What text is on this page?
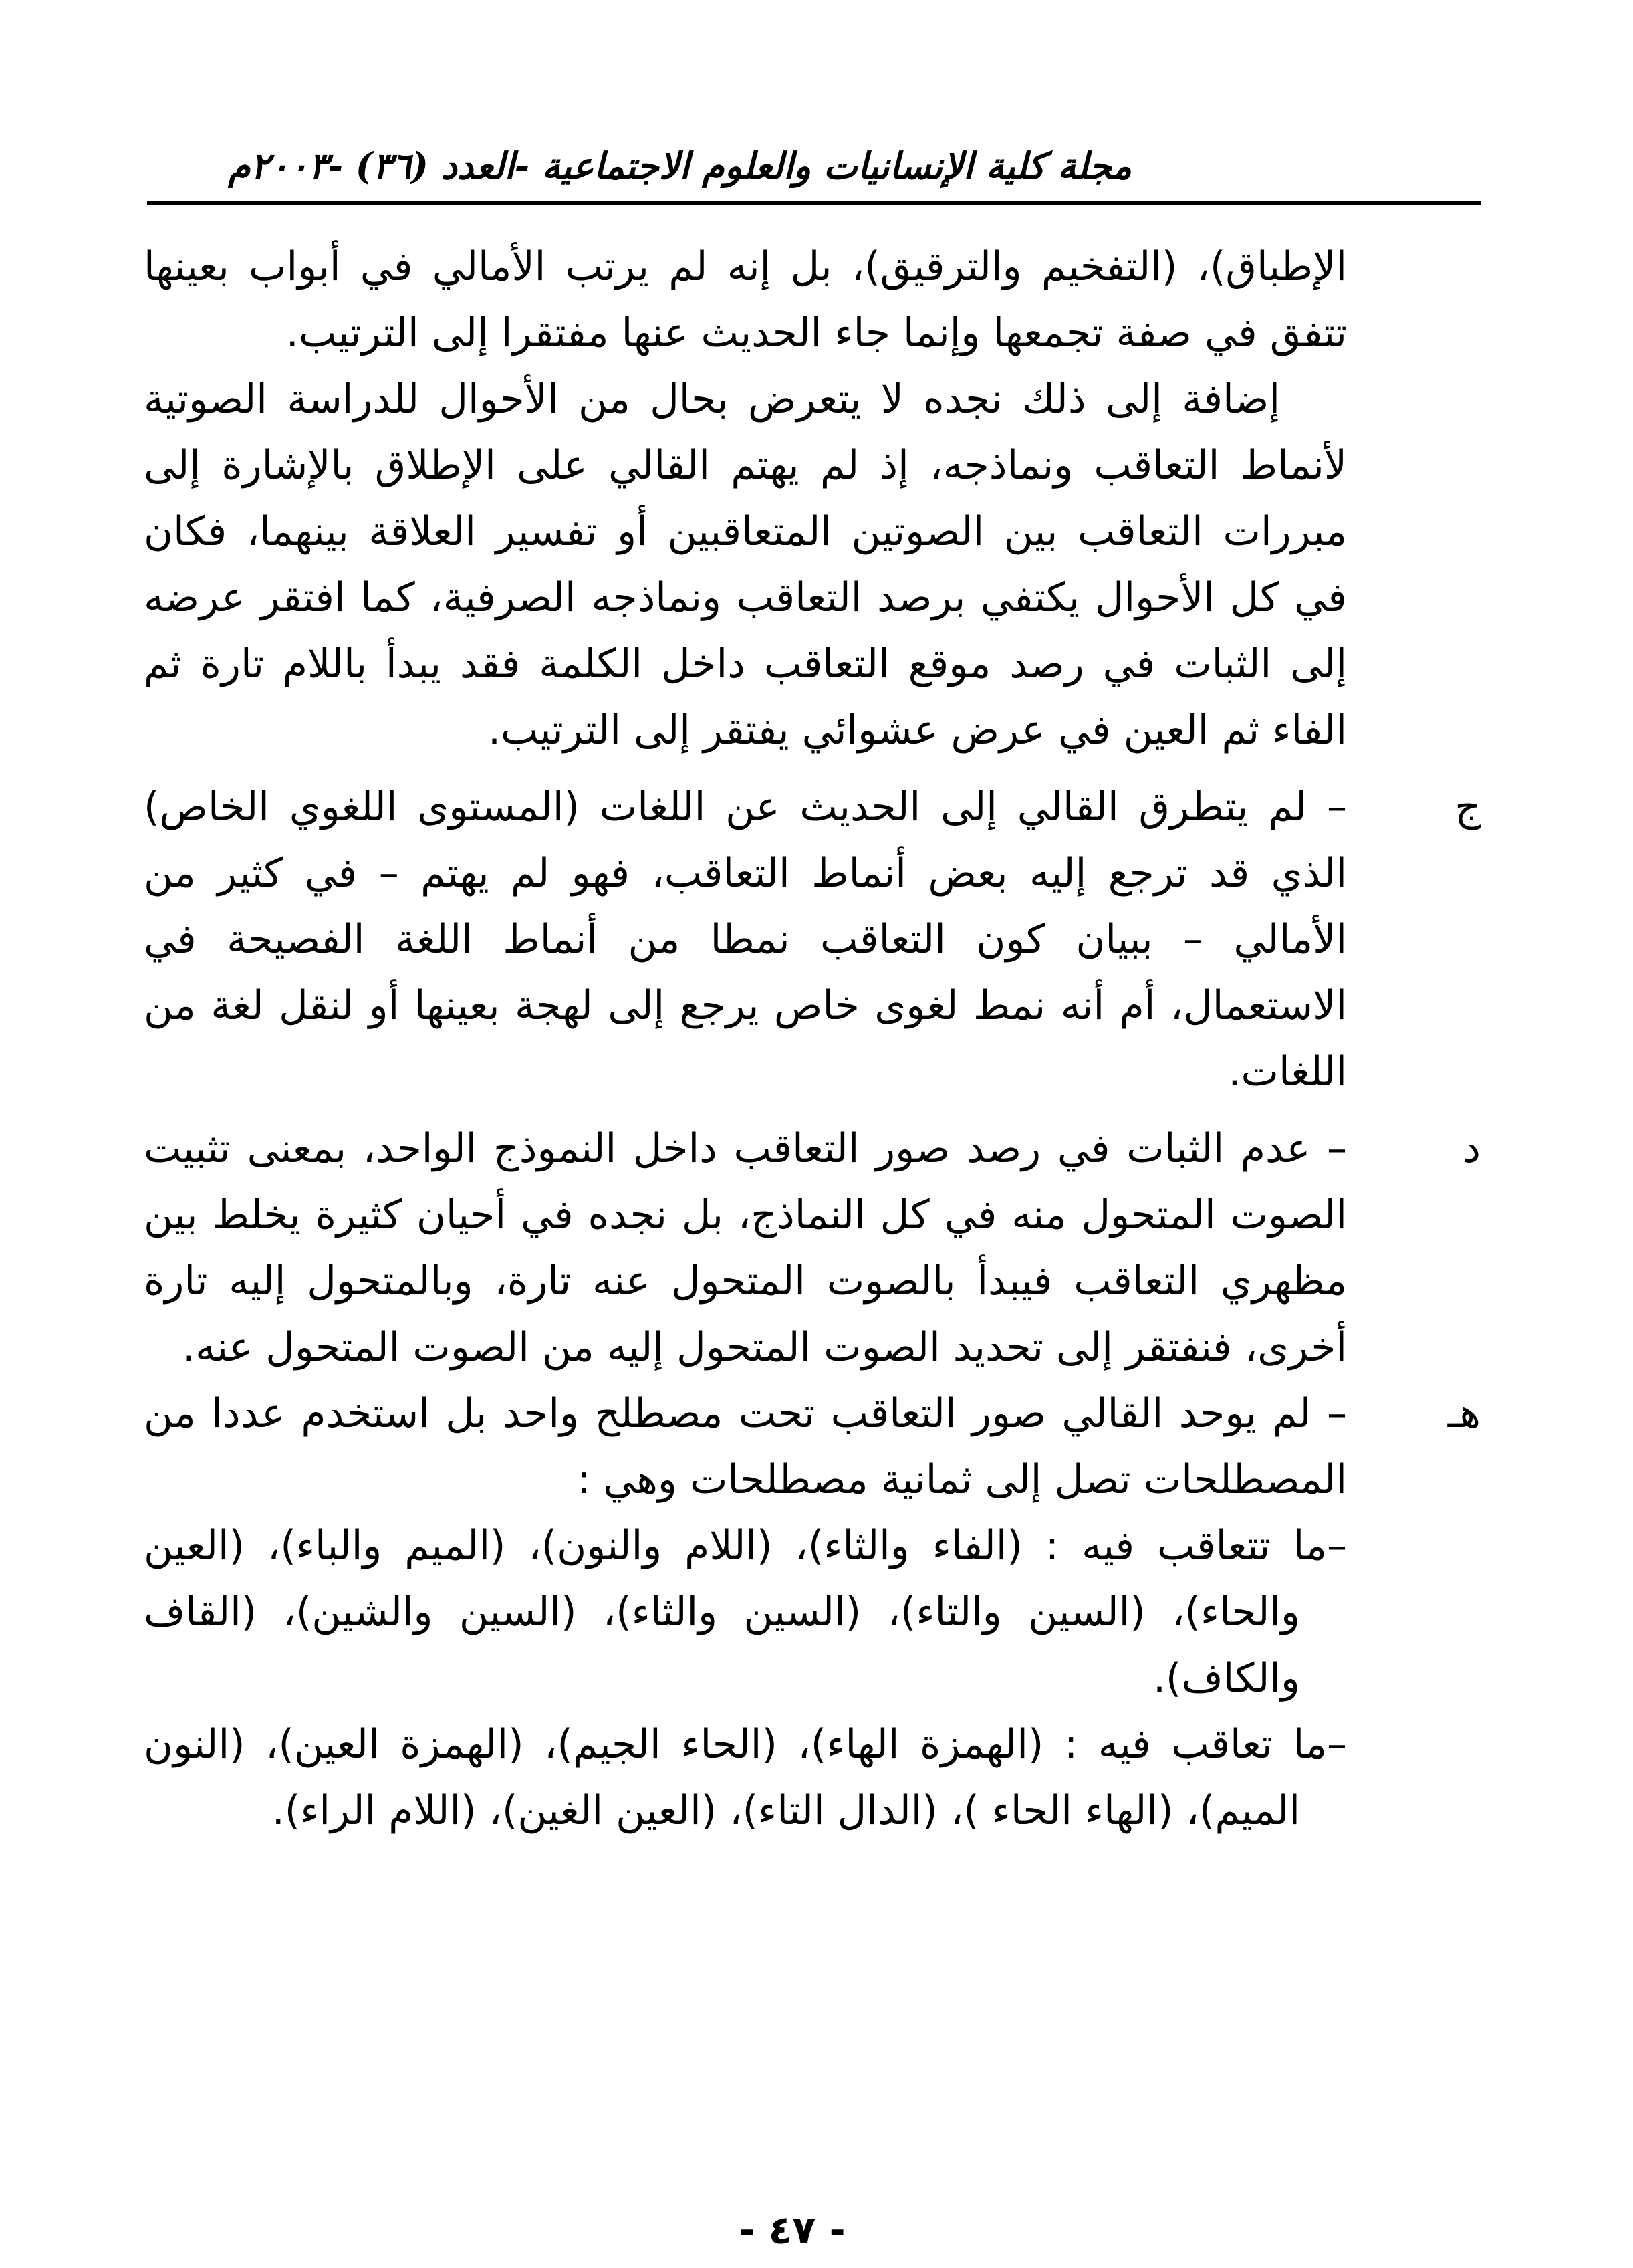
مجلة كلية الإنسانيات والعلوم الاجتماعية -العدد (٣٦) -٢٠٠٣م

الإطباق)، (التفخيم والترقيق)، بل إنه لم يرتب الأمالي في أبواب بعينها تتفق في صفة تجمعها وإنما جاء الحديث عنها مفتقرا إلى الترتيب.

إضافة إلى ذلك نجده لا يتعرض بحال من الأحوال للدراسة الصوتية لأنماط التعاقب ونماذجه، إذ لم يهتم القالي على الإطلاق بالإشارة إلى مبررات التعاقب بين الصوتين المتعاقبين أو تفسير العلاقة بينهما، فكان في كل الأحوال يكتفي برصد التعاقب ونماذجه الصرفية، كما افتقر عرضه إلى الثبات في رصد موقع التعاقب داخل الكلمة فقد يبدأ باللام تارة ثم الفاء ثم العين في عرض عشوائي يفتقر إلى الترتيب.

ج

– لم يتطرق القالي إلى الحديث عن اللغات (المستوى اللغوي الخاص) الذي قد ترجع إليه بعض أنماط التعاقب، فهو لم يهتم – في كثير من الأمالي – ببيان كون التعاقب نمطا من أنماط اللغة الفصيحة في الاستعمال، أم أنه نمط لغوى خاص يرجع إلى لهجة بعينها أو لنقل لغة من اللغات.

د

– عدم الثبات في رصد صور التعاقب داخل النموذج الواحد، بمعنى تثبيت الصوت المتحول منه في كل النماذج، بل نجده في أحيان كثيرة يخلط بين مظهري التعاقب فيبدأ بالصوت المتحول عنه تارة، وبالمتحول إليه تارة أخرى، فنفتقر إلى تحديد الصوت المتحول إليه من الصوت المتحول عنه.

هـ

– لم يوحد القالي صور التعاقب تحت مصطلح واحد بل استخدم عددا من المصطلحات تصل إلى ثمانية مصطلحات وهي :

–ما تتعاقب فيه : (الفاء والثاء)، (اللام والنون)، (الميم والباء)، (العين والحاء)، (السين والتاء)، (السين والثاء)، (السين والشين)، (القاف والكاف).

–ما تعاقب فيه : (الهمزة الهاء)، (الحاء الجيم)، (الهمزة العين)، (النون الميم)، (الهاء الحاء )، (الدال التاء)، (العين الغين)، (اللام الراء).

- ٤٧ -
